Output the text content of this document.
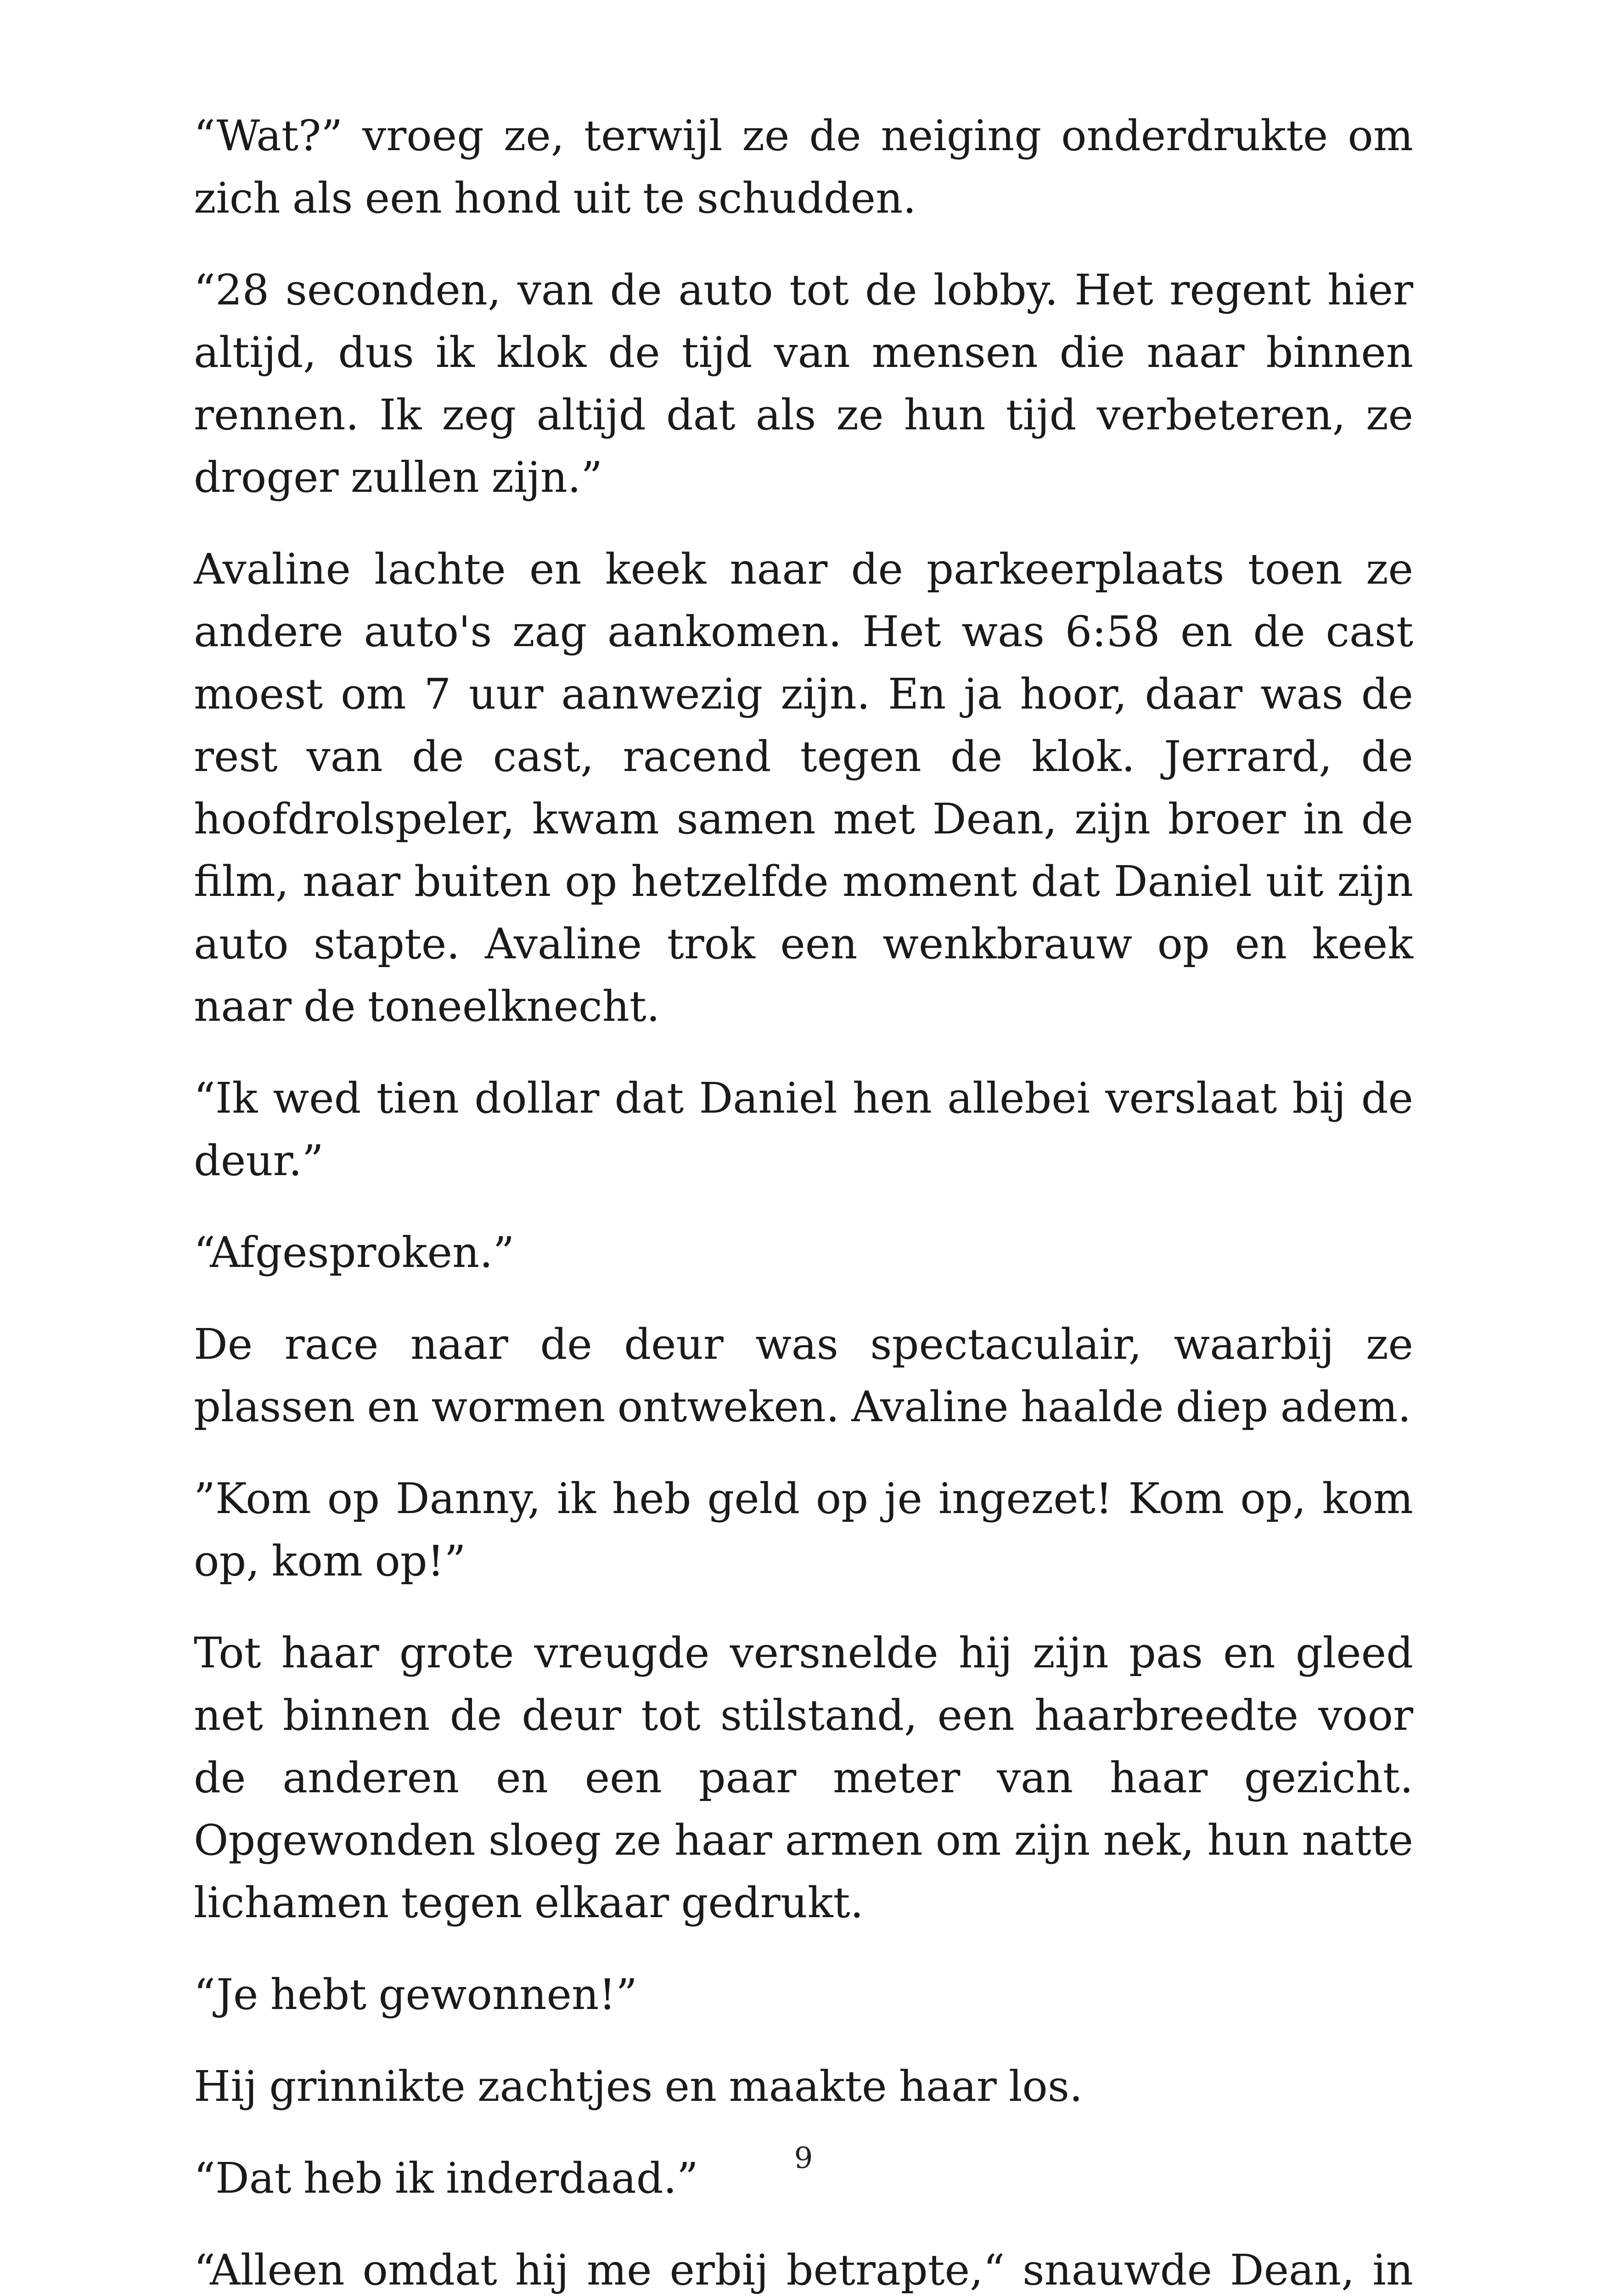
“Wat?” vroeg ze, terwijl ze de neiging onderdrukte om zich als een hond uit te schudden.

“28 seconden, van de auto tot de lobby. Het regent hier altijd, dus ik klok de tijd van mensen die naar binnen rennen. Ik zeg altijd dat als ze hun tijd verbeteren, ze droger zullen zijn.”

Avaline lachte en keek naar de parkeerplaats toen ze andere auto's zag aankomen. Het was 6:58 en de cast moest om 7 uur aanwezig zijn. En ja hoor, daar was de rest van de cast, racend tegen de klok. Jerrard, de hoofdrolspeler, kwam samen met Dean, zijn broer in de film, naar buiten op hetzelfde moment dat Daniel uit zijn auto stapte. Avaline trok een wenkbrauw op en keek naar de toneelknecht.

“Ik wed tien dollar dat Daniel hen allebei verslaat bij de deur.”

“Afgesproken.”

De race naar de deur was spectaculair, waarbij ze plassen en wormen ontweken. Avaline haalde diep adem.

”Kom op Danny, ik heb geld op je ingezet! Kom op, kom op, kom op!”

Tot haar grote vreugde versnelde hij zijn pas en gleed net binnen de deur tot stilstand, een haarbreedte voor de anderen en een paar meter van haar gezicht. Opgewonden sloeg ze haar armen om zijn nek, hun natte lichamen tegen elkaar gedrukt.

“Je hebt gewonnen!”

Hij grinnikte zachtjes en maakte haar los.

“Dat heb ik inderdaad.”

“Alleen omdat hij me erbij betrapte,“ snauwde Dean, in

9
